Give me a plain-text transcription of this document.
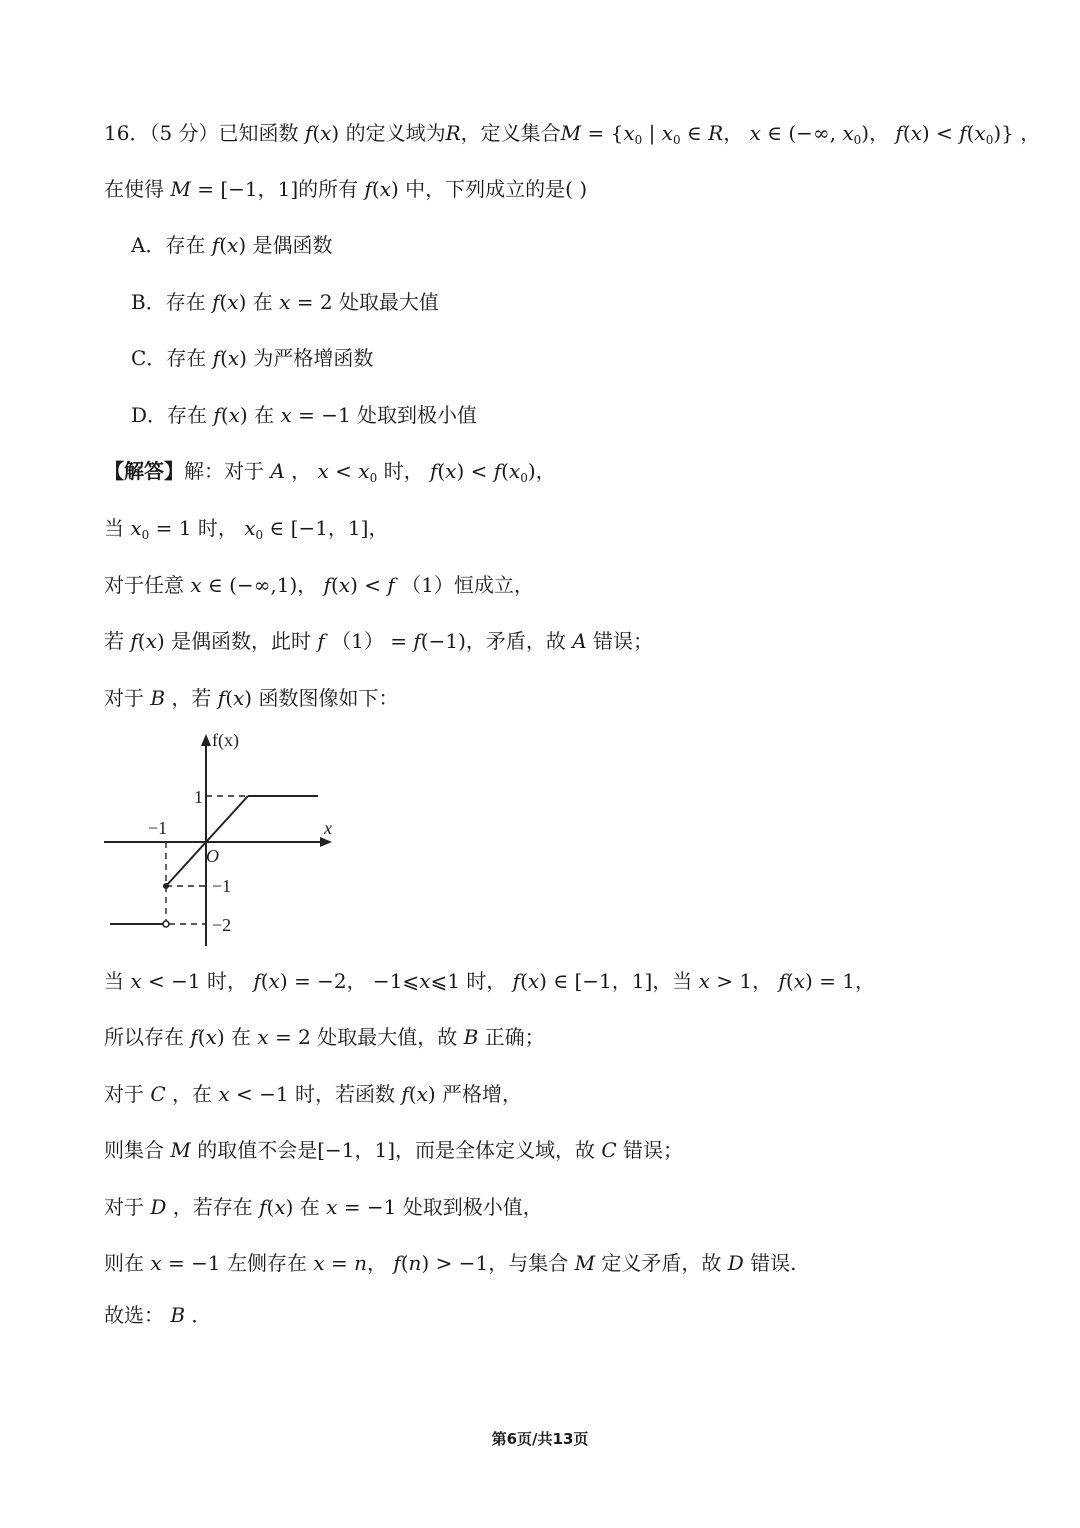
16．（5 分）已知函数 f(x) 的定义域为R，定义集合$M = \{x_0$ | $x_0$ ∈ R， x ∈ (−∞, $x_0$)， $f(x) < f(x_0)$} ，
在使得 M = [−1，1]的所有 f(x) 中，下列成立的是( )
A．存在 f(x) 是偶函数
B．存在 f(x) 在 x = 2 处取最大值
C．存在 f(x) 为严格增函数
D．存在 f(x) 在 x = −1 处取到极小值
【解答】解：对于 A ， $x < x_0$ 时， $f(x) < f(x_0)$，
当 $x_0 = 1$ 时， $x_0$ ∈ [−1，1]，
对于任意 x ∈ (−∞,1)， f(x) < f （1）恒成立，
若 f(x) 是偶函数，此时 f （1） = f(−1)，矛盾，故 A 错误；
对于 B ，若 f(x) 函数图像如下：
f(x)
x
O
−1
1
−1
−2
当 x < −1 时， f(x) = −2， −1⩽x⩽1 时， f(x) ∈ [−1，1]，当 x > 1， f(x) = 1，
所以存在 f(x) 在 x = 2 处取最大值，故 B 正确；
对于 C ，在 x < −1 时，若函数 f(x) 严格增，
则集合 M 的取值不会是[−1，1]，而是全体定义域，故 C 错误；
对于 D ，若存在 f(x) 在 x = −1 处取到极小值，
则在 x = −1 左侧存在 x = n， f(n) > −1，与集合 M 定义矛盾，故 D 错误.
故选： B ．
第6页/共13页
